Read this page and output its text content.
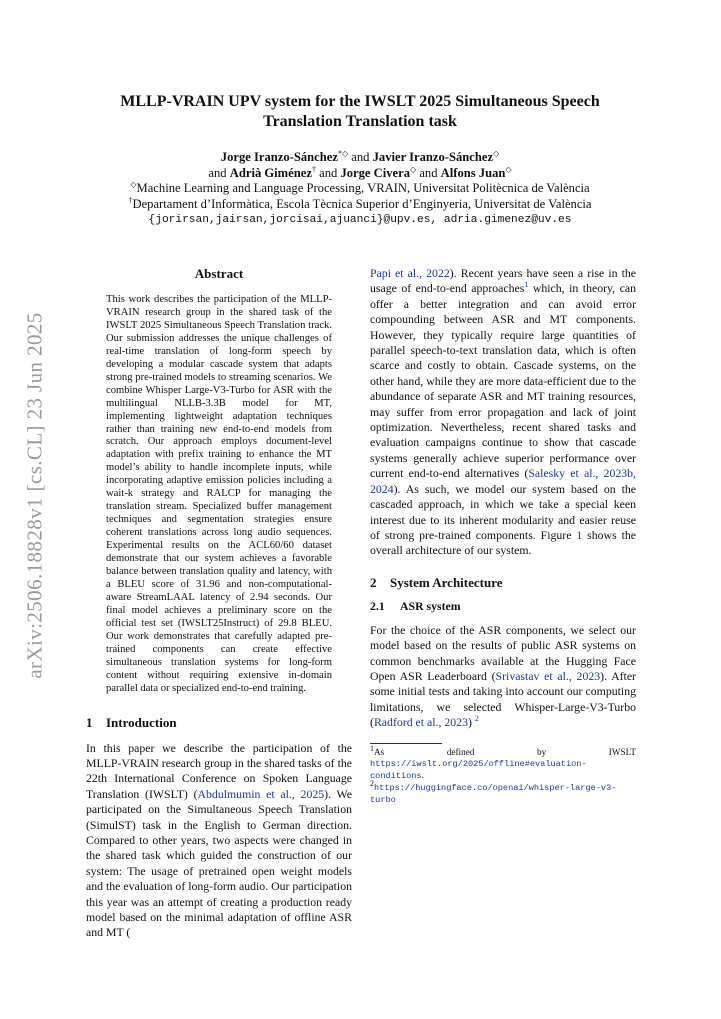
arXiv:2506.18828v1 [cs.CL] 23 Jun 2025
MLLP-VRAIN UPV system for the IWSLT 2025 Simultaneous Speech
Translation Translation task
Jorge Iranzo-Sánchez*◇ and Javier Iranzo-Sánchez◇
and Adrià Giménez† and Jorge Civera◇ and Alfons Juan◇
◇Machine Learning and Language Processing, VRAIN, Universitat Politècnica de València
†Departament d’Informàtica, Escola Tècnica Superior d’Enginyeria, Universitat de València
{jorirsan,jairsan,jorcisai,ajuanci}@upv.es, adria.gimenez@uv.es
Abstract

This work describes the participation of the MLLP-VRAIN research group in the shared task of the IWSLT 2025 Simultaneous Speech Translation track. Our submission addresses the unique challenges of real-time translation of long-form speech by developing a modular cascade system that adapts strong pre-trained models to streaming scenarios. We combine Whisper Large-V3-Turbo for ASR with the multilingual NLLB-3.3B model for MT, implementing lightweight adaptation techniques rather than training new end-to-end models from scratch. Our approach employs document-level adaptation with prefix training to enhance the MT model’s ability to handle incomplete inputs, while incorporating adaptive emission policies including a wait-k strategy and RALCP for managing the translation stream. Specialized buffer management techniques and segmentation strategies ensure coherent translations across long audio sequences. Experimental results on the ACL60/60 dataset demonstrate that our system achieves a favorable balance between translation quality and latency, with a BLEU score of 31.96 and non-computational-aware StreamLAAL latency of 2.94 seconds. Our final model achieves a preliminary score on the official test set (IWSLT25Instruct) of 29.8 BLEU. Our work demonstrates that carefully adapted pre-trained components can create effective simultaneous translation systems for long-form content without requiring extensive in-domain parallel data or specialized end-to-end training.

1 Introduction

In this paper we describe the participation of the MLLP-VRAIN research group in the shared tasks of the 22th International Conference on Spoken Language Translation (IWSLT) (Abdulmumin et al., 2025). We participated on the Simultaneous Speech Translation (SimulST) task in the English to German direction. Compared to other years, two aspects were changed in the shared task which guided the construction of our system: The usage of pretrained open weight models and the evaluation of long-form audio. Our participation this year was an attempt of creating a production ready model based on the minimal adaptation of offline ASR and MT (

Papi et al., 2022). Recent years have seen a rise in the usage of end-to-end approaches$^1$ which, in theory, can offer a better integration and can avoid error compounding between ASR and MT components. However, they typically require large quantities of parallel speech-to-text translation data, which is often scarce and costly to obtain. Cascade systems, on the other hand, while they are more data-efficient due to the abundance of separate ASR and MT training resources, may suffer from error propagation and lack of joint optimization. Nevertheless, recent shared tasks and evaluation campaigns continue to show that cascade systems generally achieve superior performance over current end-to-end alternatives (Salesky et al., 2023b, 2024). As such, we model our system based on the cascaded approach, in which we take a special keen interest due to its inherent modularity and easier reuse of strong pre-trained components. Figure 1 shows the overall architecture of our system.

2 System Architecture
2.1 ASR system

For the choice of the ASR components, we select our model based on the results of public ASR systems on common benchmarks available at the Hugging Face Open ASR Leaderboard (Srivastav et al., 2023). After some initial tests and taking into account our computing limitations, we selected Whisper-Large-V3-Turbo (Radford et al., 2023) $^2$

$^1$As defined by IWSLT https://iwslt.org/2025/offline#evaluation-conditions.

$^2$https://huggingface.co/openai/whisper-large-v3-turbo
